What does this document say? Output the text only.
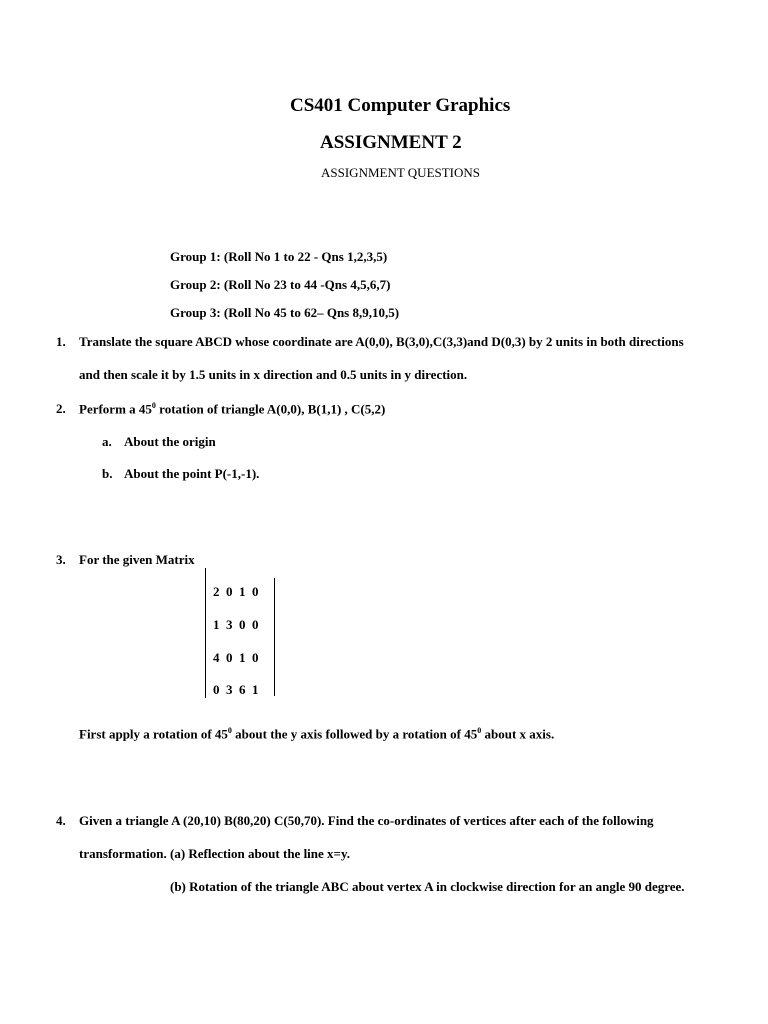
CS401 Computer Graphics
ASSIGNMENT 2
ASSIGNMENT QUESTIONS
Group 1: (Roll No 1 to 22 - Qns 1,2,3,5)
Group 2: (Roll No 23 to 44 -Qns 4,5,6,7)
Group 3: (Roll No 45 to 62– Qns 8,9,10,5)
1. Translate the square ABCD whose coordinate are A(0,0), B(3,0),C(3,3)and D(0,3) by 2 units in both directions
and then scale it by 1.5 units in x direction and 0.5 units in y direction.
2. Perform a $45^0$ rotation of triangle A(0,0), B(1,1) , C(5,2)
a. About the origin
b. About the point P(-1,-1).
3. For the given Matrix
2 0 1 0
1 3 0 0
4 0 1 0
0 3 6 1
First apply a rotation of $45^0$ about the y axis followed by a rotation of $45^0$ about x axis.
4. Given a triangle A (20,10) B(80,20) C(50,70). Find the co-ordinates of vertices after each of the following
transformation. (a) Reflection about the line x=y.
(b) Rotation of the triangle ABC about vertex A in clockwise direction for an angle 90 degree.
